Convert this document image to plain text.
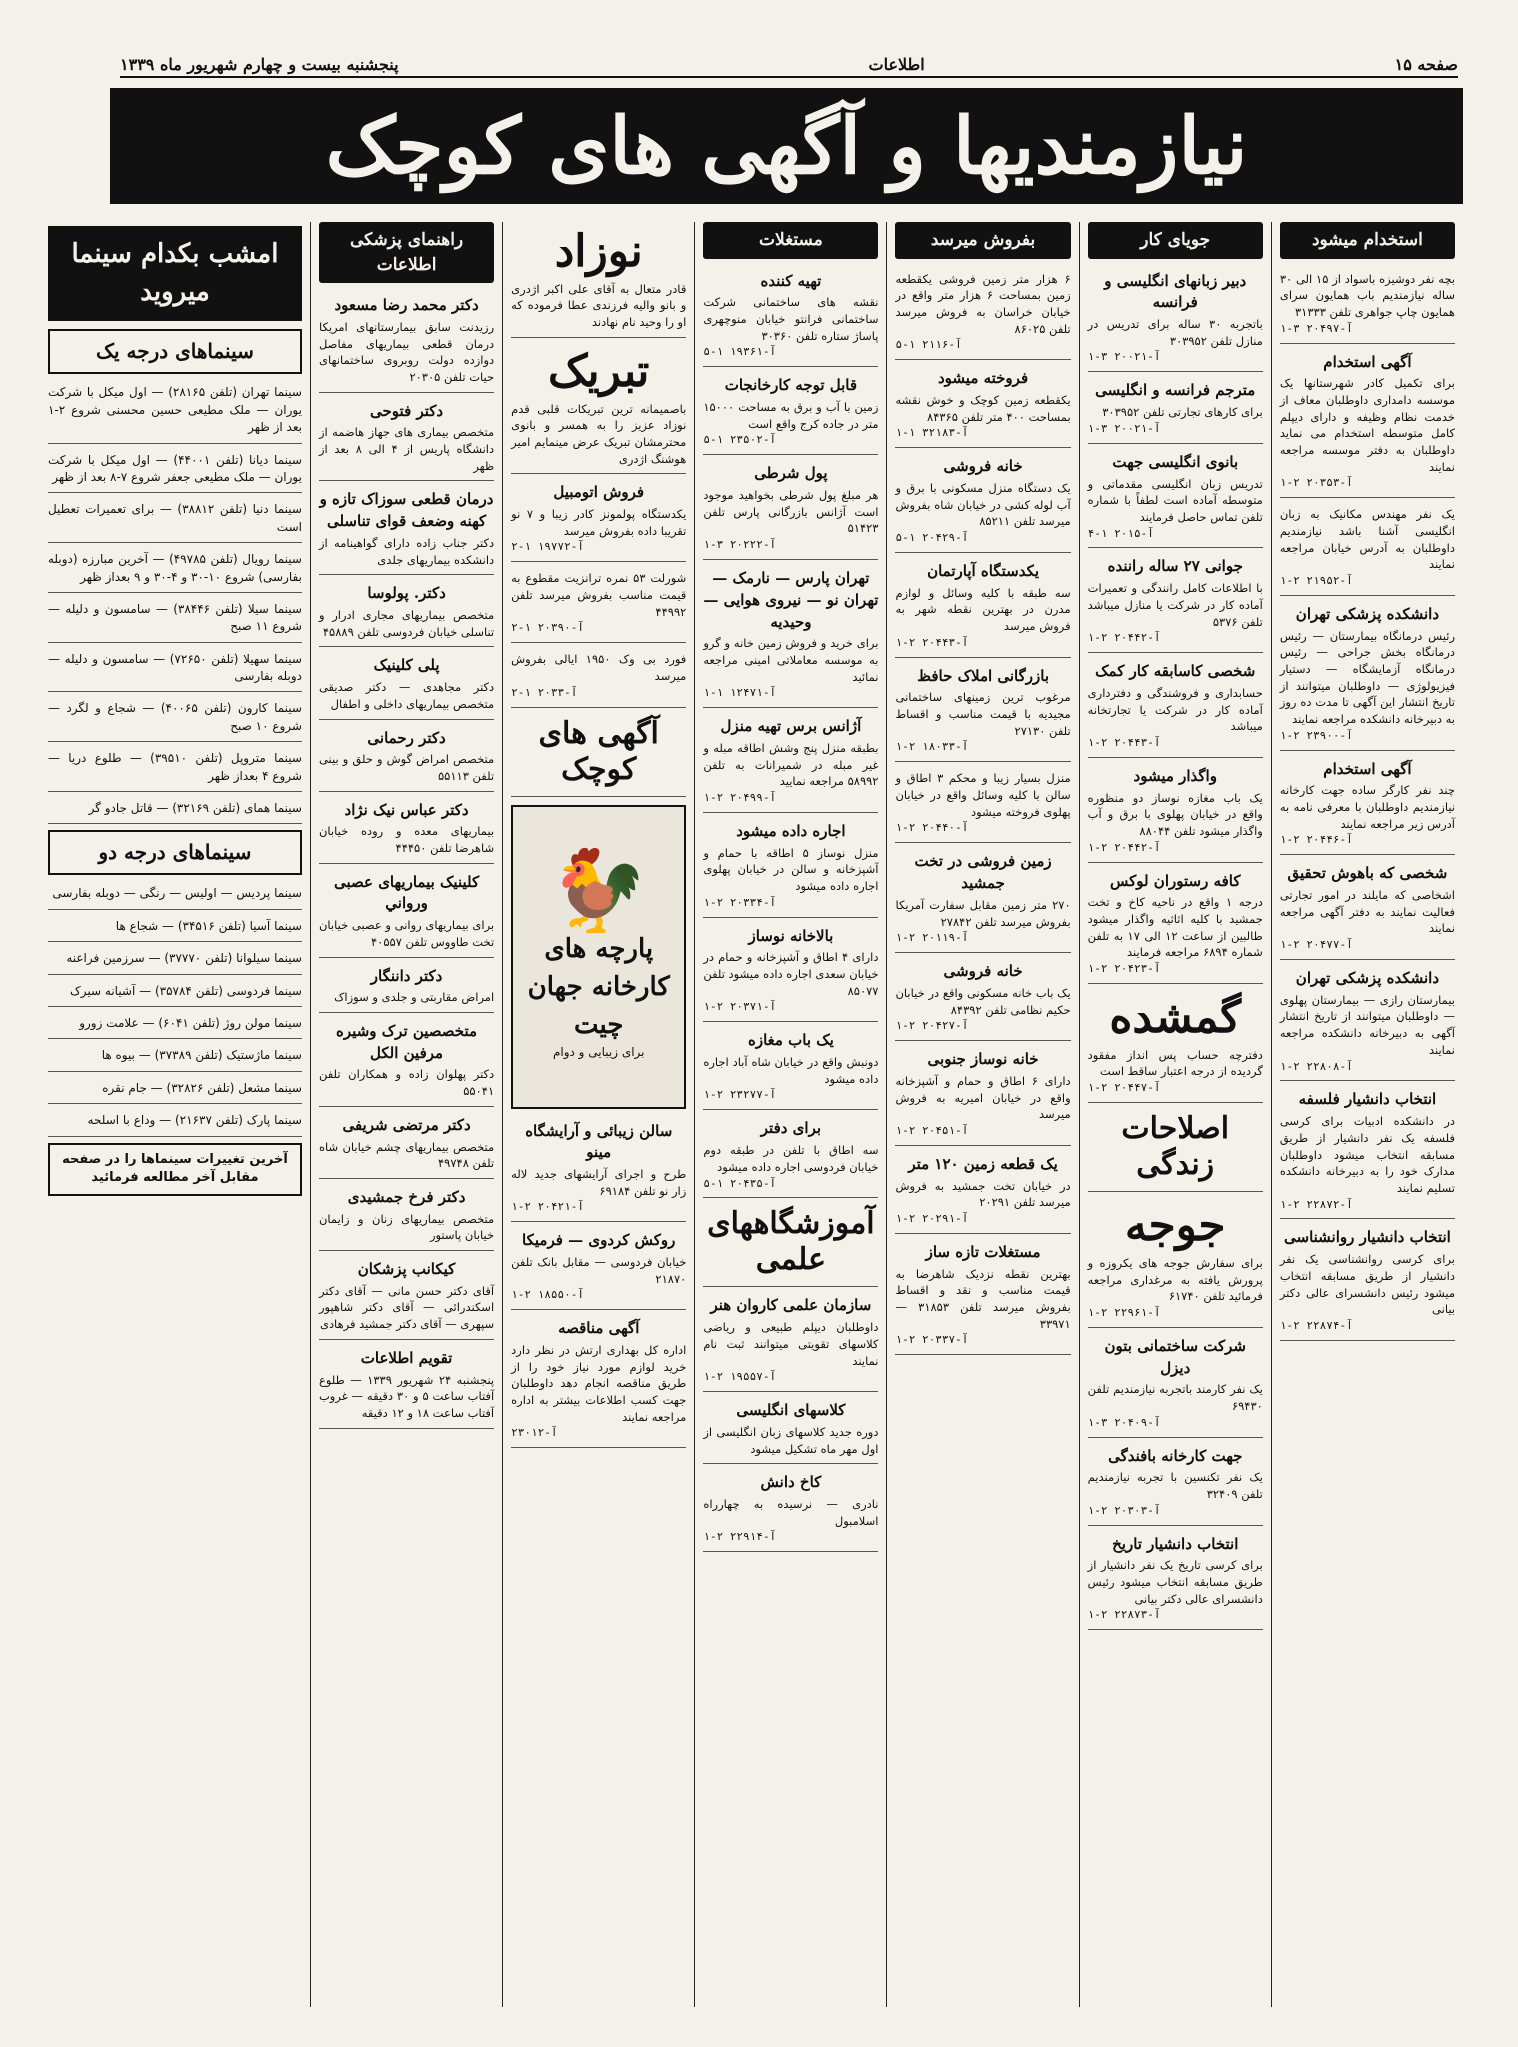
صفحه ۱۵
اطلاعات
پنجشنبه بیست و چهارم شهریور ماه ۱۳۳۹
نیازمندیها و آگهی های کوچک
استخدام میشود
بچه نفر دوشیزه باسواد از ۱۵ الی ۳۰ ساله نیازمندیم باب همایون سرای همایون چاپ جواهری تلفن ۳۱۳۳۳
آ-۲۰۴۹۷ ۳-۱
آگهی استخدام
برای تکمیل کادر شهرستانها یک موسسه دامداری داوطلبان معاف از خدمت نظام وظیفه و دارای دیپلم کامل متوسطه استخدام می نماید داوطلبان به دفتر موسسه مراجعه نمایند
آ-۲۰۳۵۳ ۲-۱
یک نفر مهندس مکانیک به زبان انگلیسی آشنا باشد نیازمندیم داوطلبان به آدرس خیابان مراجعه نمایند
آ-۲۱۹۵۲ ۲-۱
دانشکده پزشکی تهران
رئیس درمانگاه بیمارستان — رئیس درمانگاه بخش جراحی — رئیس درمانگاه آزمایشگاه — دستیار فیزیولوژی — داوطلبان میتوانند از تاریخ انتشار این آگهی تا مدت ده روز به دبیرخانه دانشکده مراجعه نمایند
آ-۲۳۹۰۰ ۲-۱
آگهی استخدام
چند نفر کارگر ساده جهت کارخانه نیازمندیم داوطلبان با معرفی نامه به آدرس زیر مراجعه نمایند
آ-۲۰۴۴۶ ۲-۱
شخصی که باهوش تحقیق
اشخاصی که مایلند در امور تجارتی فعالیت نمایند به دفتر آگهی مراجعه نمایند
آ-۲۰۴۷۷ ۲-۱
دانشکده پزشکی تهران
بیمارستان رازی — بیمارستان پهلوی — داوطلبان میتوانند از تاریخ انتشار آگهی به دبیرخانه دانشکده مراجعه نمایند
آ-۲۲۸۰۸ ۲-۱
انتخاب دانشیار فلسفه
در دانشکده ادبیات برای کرسی فلسفه یک نفر دانشیار از طریق مسابقه انتخاب میشود داوطلبان مدارک خود را به دبیرخانه دانشکده تسلیم نمایند
آ-۲۲۸۷۲ ۲-۱
انتخاب دانشیار روانشناسی
برای کرسی روانشناسی یک نفر دانشیار از طریق مسابقه انتخاب میشود رئیس دانشسرای عالی دکتر بیانی
آ-۲۲۸۷۴ ۲-۱
جویای کار
دبیر زبانهای انگلیسی و فرانسه
باتجربه ۳۰ ساله برای تدریس در منازل تلفن ۳۰۳۹۵۲
آ-۲۰۰۲۱ ۳-۱
مترجم فرانسه و انگلیسی
برای کارهای تجارتی تلفن ۳۰۳۹۵۲
آ-۲۰۰۲۱ ۳-۱
بانوی انگلیسی جهت
تدریس زبان انگلیسی مقدماتی و متوسطه آماده است لطفاً با شماره تلفن تماس حاصل فرمایند
آ-۲۰۱۵ ۱-۴
جوانی ۲۷ ساله راننده
با اطلاعات کامل رانندگی و تعمیرات آماده کار در شرکت یا منازل میباشد تلفن ۵۳۷۶
آ-۲۰۴۴۲ ۲-۱
شخصی کاسابقه کار کمک
حسابداری و فروشندگی و دفترداری آماده کار در شرکت یا تجارتخانه میباشد
آ-۲۰۴۴۳ ۲-۱
واگذار میشود
یک باب مغازه نوساز دو منظوره واقع در خیابان پهلوی با برق و آب واگذار میشود تلفن ۸۸۰۴۴
آ-۲۰۴۴۲ ۲-۱
کافه رستوران لوکس
درجه ۱ واقع در ناحیه کاخ و تخت جمشید با کلیه اثاثیه واگذار میشود طالبین از ساعت ۱۲ الی ۱۷ به تلفن شماره ۶۸۹۴ مراجعه فرمایند
آ-۲۰۴۲۳ ۲-۱
گمشده
دفترچه حساب پس انداز مفقود گردیده از درجه اعتبار ساقط است
آ-۲۰۴۴۷ ۲-۱
اصلاحات زندگی
جوجه
برای سفارش جوجه های یکروزه و پرورش یافته به مرغداری مراجعه فرمائید تلفن ۶۱۷۴۰
آ-۲۲۹۶۱ ۲-۱
شرکت ساختمانی بتون دیزل
یک نفر کارمند باتجربه نیازمندیم تلفن ۶۹۴۳۰
آ-۲۰۴۰۹ ۳-۱
جهت کارخانه بافندگی
یک نفر تکنسین با تجربه نیازمندیم تلفن ۳۲۴۰۹
آ-۲۰۳۰۳ ۲-۱
انتخاب دانشیار تاریخ
برای کرسی تاریخ یک نفر دانشیار از طریق مسابقه انتخاب میشود رئیس دانشسرای عالی دکتر بیانی
آ-۲۲۸۷۳ ۲-۱
بفروش میرسد
۶ هزار متر زمین فروشی یکقطعه زمین بمساحت ۶ هزار متر واقع در خیابان خراسان به فروش میرسد تلفن ۸۶۰۲۵
آ-۲۱۱۶ ۱-۵
فروخته میشود
یکقطعه زمین کوچک و خوش نقشه بمساحت ۴۰۰ متر تلفن ۸۴۳۶۵
آ-۳۲۱۸۳ ۱-۱
خانه فروشی
یک دستگاه منزل مسکونی با برق و آب لوله کشی در خیابان شاه بفروش میرسد تلفن ۸۵۲۱۱
آ-۲۰۴۲۹ ۱-۵
یکدستگاه آپارتمان
سه طبقه با کلیه وسائل و لوازم مدرن در بهترین نقطه شهر به فروش میرسد
آ-۲۰۴۴۳ ۲-۱
بازرگانی املاک حافظ
مرغوب ترین زمینهای ساختمانی مجیدیه با قیمت مناسب و اقساط تلفن ۲۷۱۳۰
آ-۱۸۰۳۳ ۲-۱
منزل بسیار زیبا و محکم ۳ اطاق و سالن با کلیه وسائل واقع در خیابان پهلوی فروخته میشود
آ-۲۰۴۴۰ ۲-۱
زمین فروشی در تخت جمشید
۲۷۰ متر زمین مقابل سفارت آمریکا بفروش میرسد تلفن ۲۷۸۴۲
آ-۲۰۱۱۹ ۲-۱
خانه فروشی
یک باب خانه مسکونی واقع در خیابان حکیم نظامی تلفن ۸۴۳۹۲
آ-۲۰۴۲۷ ۲-۱
خانه نوساز جنوبی
دارای ۶ اطاق و حمام و آشپزخانه واقع در خیابان امیریه به فروش میرسد
آ-۲۰۴۵۱ ۲-۱
یک قطعه زمین ۱۲۰ متر
در خیابان تخت جمشید به فروش میرسد تلفن ۲۰۲۹۱
آ-۲۰۲۹۱ ۲-۱
مستغلات تازه ساز
بهترین نقطه نزدیک شاهرضا به قیمت مناسب و نقد و اقساط بفروش میرسد تلفن ۳۱۸۵۳ — ۳۳۹۷۱
آ-۲۰۳۳۷ ۲-۱
مستغلات
تهیه کننده
نقشه های ساختمانی شرکت ساختمانی فرانتو خیابان منوچهری پاساژ ستاره تلفن ۳۰۳۶۰
آ-۱۹۳۶۱ ۱-۵
قابل توجه کارخانجات
زمین با آب و برق به مساحت ۱۵۰۰۰ متر در جاده کرج واقع است
آ-۲۳۵۰۲ ۱-۵
پول شرطی
هر مبلغ پول شرطی بخواهید موجود است آژانس بازرگانی پارس تلفن ۵۱۴۲۳
آ-۲۰۲۲۲ ۳-۱
تهران پارس — نارمک — تهران نو — نیروی هوایی — وحیدیه
برای خرید و فروش زمین خانه و گرو به موسسه معاملاتی امینی مراجعه نمائید
آ-۱۲۴۷۱ ۱-۱
آژانس برس تهیه منزل
بطبقه منزل پنج وشش اطاقه مبله و غیر مبله در شمیرانات به تلفن ۵۸۹۹۲ مراجعه نمایید
آ-۲۰۴۹۹ ۲-۱
اجاره داده میشود
منزل نوساز ۵ اطاقه با حمام و آشپزخانه و سالن در خیابان پهلوی اجاره داده میشود
آ-۲۰۳۳۴ ۲-۱
بالاخانه نوساز
دارای ۴ اطاق و آشپزخانه و حمام در خیابان سعدی اجاره داده میشود تلفن ۸۵۰۷۷
آ-۲۰۳۷۱ ۲-۱
یک باب مغازه
دونبش واقع در خیابان شاه آباد اجاره داده میشود
آ-۲۳۲۷۷ ۲-۱
برای دفتر
سه اطاق با تلفن در طبقه دوم خیابان فردوسی اجاره داده میشود
آ-۲۰۴۳۵ ۱-۵
آموزشگاههای علمی
سازمان علمی کاروان هنر
داوطلبان دیپلم طبیعی و ریاضی کلاسهای تقویتی میتوانند ثبت نام نمایند
آ-۱۹۵۵۷ ۲-۱
کلاسهای انگلیسی
دوره جدید کلاسهای زبان انگلیسی از اول مهر ماه تشکیل میشود
کاخ دانش
نادری — نرسیده به چهارراه اسلامبول
آ-۲۲۹۱۴ ۲-۱
نوزاد
قادر متعال به آقای علی اکبر اژدری و بانو والیه فرزندی عطا فرموده که او را وحید نام نهادند
تبریک
باصمیمانه ترین تبریکات قلبی قدم نوزاد عزیز را به همسر و بانوی محترمشان تبریک عرض مینمایم امیر هوشنگ اژدری
فروش اتومبیل
یکدستگاه پولمونز کادر زیبا و ۷ نو تقریبا داده بفروش میرسد
آ-۱۹۷۷۲ ۱-۲
شورلت ۵۳ نمره ترانزیت مقطوع به قیمت مناسب بفروش میرسد تلفن ۴۴۹۹۲
آ-۲۰۳۹۰ ۱-۲
فورد بی وک ۱۹۵۰ ایالی بفروش میرسد
آ-۲۰۳۳ ۱-۲
آگهی های کوچک
🐓
پارچه های کارخانه جهان چیت
برای زیبایی و دوام
سالن زیبائی و آرایشگاه مینو
طرح و اجرای آرایشهای جدید لاله زار نو تلفن ۶۹۱۸۴
آ-۲۰۴۲۱ ۲-۱
روکش کردوی — فرمیکا
خیابان فردوسی — مقابل بانک تلفن ۲۱۸۷۰
آ-۱۸۵۵۰ ۲-۱
آگهی مناقصه
اداره کل بهداری ارتش در نظر دارد خرید لوازم مورد نیاز خود را از طریق مناقصه انجام دهد داوطلبان جهت کسب اطلاعات بیشتر به اداره مراجعه نمایند
آ-۲۳۰۱۲
راهنمای پزشکی اطلاعات
دکتر محمد رضا مسعود
رزیدنت سابق بیمارستانهای امریکا درمان قطعی بیماریهای مفاصل دوازده دولت روبروی ساختمانهای حیات تلفن ۲۰۳۰۵
دکتر فتوحی
متخصص بیماری های جهاز هاضمه از دانشگاه پاریس از ۴ الی ۸ بعد از ظهر
درمان قطعی سوزاک تازه و کهنه وضعف قوای تناسلی
دکتر جناب زاده دارای گواهینامه از دانشکده بیماریهای جلدی
دکتر. پولوسا
متخصص بیماریهای مجاری ادرار و تناسلی خیابان فردوسی تلفن ۴۵۸۸۹
پلی کلینیک
دکتر مجاهدی — دکتر صدیقی متخصص بیماریهای داخلی و اطفال
دکتر رحمانی
متخصص امراض گوش و حلق و بینی تلفن ۵۵۱۱۳
دکتر عباس نیک نژاد
بیماریهای معده و روده خیابان شاهرضا تلفن ۴۴۴۵۰
کلینیک بیماریهای عصبی ورواني
برای بیماریهای روانی و عصبی خیابان تخت طاووس تلفن ۴۰۵۵۷
دکتر داننگار
امراض مقاربتی و جلدی و سوزاک
متخصصین ترک وشیره مرفین الکل
دکتر پهلوان زاده و همکاران تلفن ۵۵۰۴۱
دکتر مرتضی شریفی
متخصص بیماریهای چشم خیابان شاه تلفن ۴۹۷۴۸
دکتر فرخ جمشیدی
متخصص بیماریهای زنان و زایمان خیابان پاستور
کیکانب پزشکان
آقای دکتر حسن مانی — آقای دکتر اسکندرائی — آقای دکتر شاهپور سپهری — آقای دکتر جمشید فرهادی
تقویم اطلاعات
پنجشنبه ۲۴ شهریور ۱۳۳۹ — طلوع آفتاب ساعت ۵ و ۳۰ دقیقه — غروب آفتاب ساعت ۱۸ و ۱۲ دقیقه
امشب بکدام سینما میروید
سینماهای درجه یک
سینما تهران (تلفن ۲۸۱۶۵) — اول میکل با شرکت یوران — ملک مطیعی حسین محسنی شروع ۲-۱ بعد از ظهر
سینما دیانا (تلفن ۴۴۰۰۱) — اول میکل با شرکت یوران — ملک مطیعی جعفر شروع ۷-۸ بعد از ظهر
سینما دنیا (تلفن ۳۸۸۱۲) — برای تعمیرات تعطیل است
سینما رویال (تلفن ۴۹۷۸۵) — آخرین مبارزه (دوبله بفارسی) شروع ۱۰-۳۰ و ۴-۳۰ و ۹ بعداز ظهر
سینما سیلا (تلفن ۳۸۴۴۶) — سامسون و دلیله — شروع ۱۱ صبح
سینما سهیلا (تلفن ۷۲۶۵۰) — سامسون و دلیله — دوبله بفارسی
سینما کارون (تلفن ۴۰۰۶۵) — شجاع و لگرد — شروع ۱۰ صبح
سینما متروپل (تلفن ۳۹۵۱۰) — طلوع دریا — شروع ۴ بعداز ظهر
سینما همای (تلفن ۳۲۱۶۹) — قاتل جادو گر
سینماهای درجه دو
سینما پردیس — اولیس — رنگی — دوبله بفارسی
سینما آسیا (تلفن ۳۴۵۱۶) — شجاع ها
سینما سیلوانا (تلفن ۳۷۷۷۰) — سرزمین فراعنه
سینما فردوسی (تلفن ۳۵۷۸۴) — آشیانه سیرک
سینما مولن روژ (تلفن ۶۰۴۱) — علامت زورو
سینما ماژستیک (تلفن ۳۷۳۸۹) — بیوه ها
سینما مشعل (تلفن ۳۲۸۲۶) — جام نقره
سینما پارک (تلفن ۲۱۶۳۷) — وداع با اسلحه
آخرین تغییرات سینماها را در صفحه مقابل آخر مطالعه فرمائید
